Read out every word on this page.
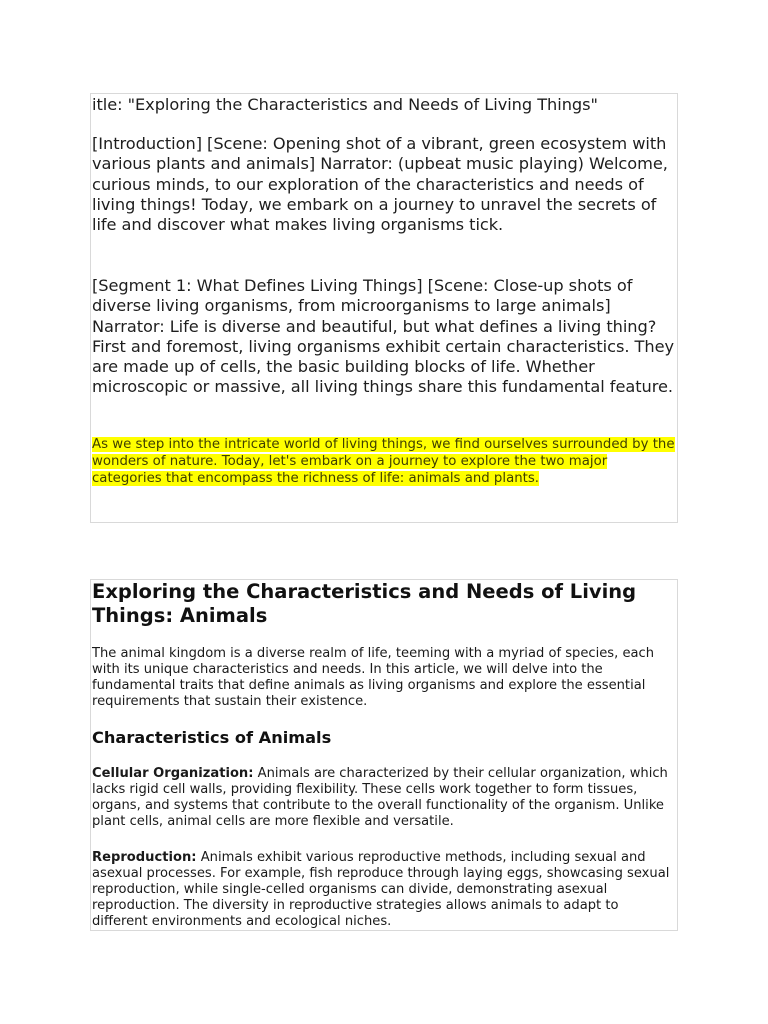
itle: "Exploring the Characteristics and Needs of Living Things"

[Introduction] [Scene: Opening shot of a vibrant, green ecosystem with various plants and animals] Narrator: (upbeat music playing) Welcome, curious minds, to our exploration of the characteristics and needs of living things! Today, we embark on a journey to unravel the secrets of life and discover what makes living organisms tick.

[Segment 1: What Defines Living Things] [Scene: Close-up shots of diverse living organisms, from microorganisms to large animals] Narrator: Life is diverse and beautiful, but what defines a living thing? First and foremost, living organisms exhibit certain characteristics. They are made up of cells, the basic building blocks of life. Whether microscopic or massive, all living things share this fundamental feature.

As we step into the intricate world of living things, we find ourselves surrounded by the wonders of nature. Today, let's embark on a journey to explore the two major categories that encompass the richness of life: animals and plants.

Exploring the Characteristics and Needs of Living Things: Animals

The animal kingdom is a diverse realm of life, teeming with a myriad of species, each with its unique characteristics and needs. In this article, we will delve into the fundamental traits that define animals as living organisms and explore the essential requirements that sustain their existence.

Characteristics of Animals

Cellular Organization: Animals are characterized by their cellular organization, which lacks rigid cell walls, providing flexibility. These cells work together to form tissues, organs, and systems that contribute to the overall functionality of the organism. Unlike plant cells, animal cells are more flexible and versatile.

Reproduction: Animals exhibit various reproductive methods, including sexual and asexual processes. For example, fish reproduce through laying eggs, showcasing sexual reproduction, while single-celled organisms can divide, demonstrating asexual reproduction. The diversity in reproductive strategies allows animals to adapt to different environments and ecological niches.
